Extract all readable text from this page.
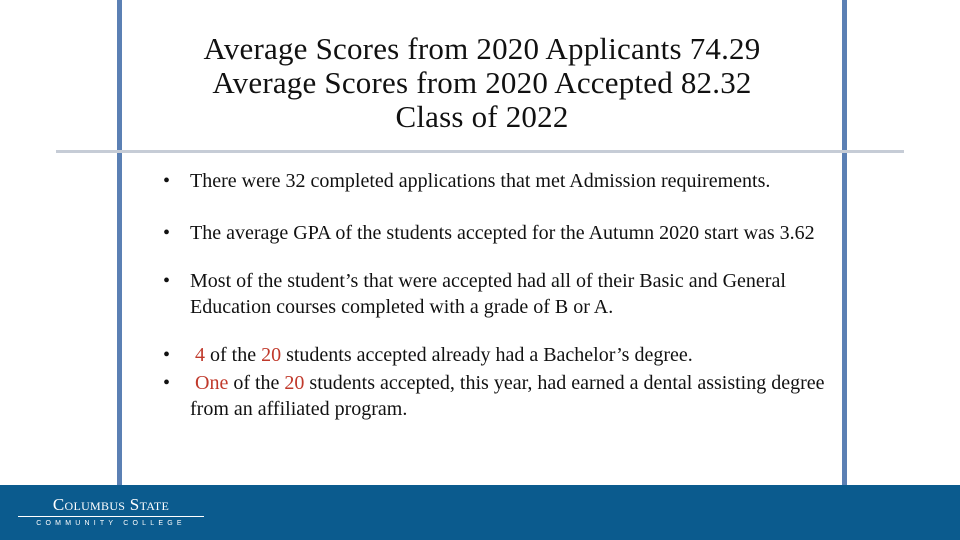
Average Scores from 2020 Applicants 74.29
Average Scores from 2020 Accepted 82.32
Class of 2022
• There were 32 completed applications that met Admission requirements.
• The average GPA of the students accepted for the Autumn 2020 start was 3.62
• Most of the student’s that were accepted had all of their Basic and General Education courses completed with a grade of B or A.
•	4 of the 20 students accepted already had a Bachelor’s degree.
•	One of the 20 students accepted, this year, had earned a dental assisting degree from an affiliated program.
Columbus State
COMMUNITY COLLEGE
